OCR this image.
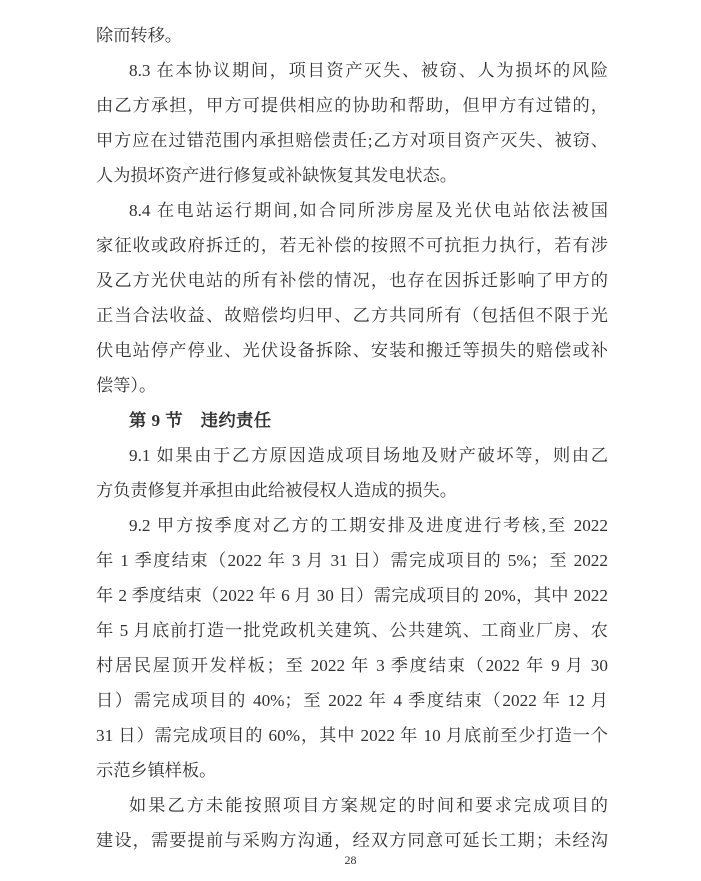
除而转移。
8.3 在本协议期间，项目资产灭失、被窃、人为损坏的风险
由乙方承担，甲方可提供相应的协助和帮助，但甲方有过错的，
甲方应在过错范围内承担赔偿责任;乙方对项目资产灭失、被窃、
人为损坏资产进行修复或补缺恢复其发电状态。
8.4 在电站运行期间,如合同所涉房屋及光伏电站依法被国
家征收或政府拆迁的，若无补偿的按照不可抗拒力执行，若有涉
及乙方光伏电站的所有补偿的情况，也存在因拆迁影响了甲方的
正当合法收益、故赔偿均归甲、乙方共同所有（包括但不限于光
伏电站停产停业、光伏设备拆除、安装和搬迁等损失的赔偿或补
偿等）。
第 9 节　违约责任
9.1 如果由于乙方原因造成项目场地及财产破坏等，则由乙
方负责修复并承担由此给被侵权人造成的损失。
9.2 甲方按季度对乙方的工期安排及进度进行考核,至 2022
年 1 季度结束（2022 年 3 月 31 日）需完成项目的 5%；至 2022
年 2 季度结束（2022 年 6 月 30 日）需完成项目的 20%，其中 2022
年 5 月底前打造一批党政机关建筑、公共建筑、工商业厂房、农
村居民屋顶开发样板；至 2022 年 3 季度结束（2022 年 9 月 30
日）需完成项目的 40%；至 2022 年 4 季度结束（2022 年 12 月
31 日）需完成项目的 60%，其中 2022 年 10 月底前至少打造一个
示范乡镇样板。
如果乙方未能按照项目方案规定的时间和要求完成项目的
建设，需要提前与采购方沟通，经双方同意可延长工期；未经沟
28
